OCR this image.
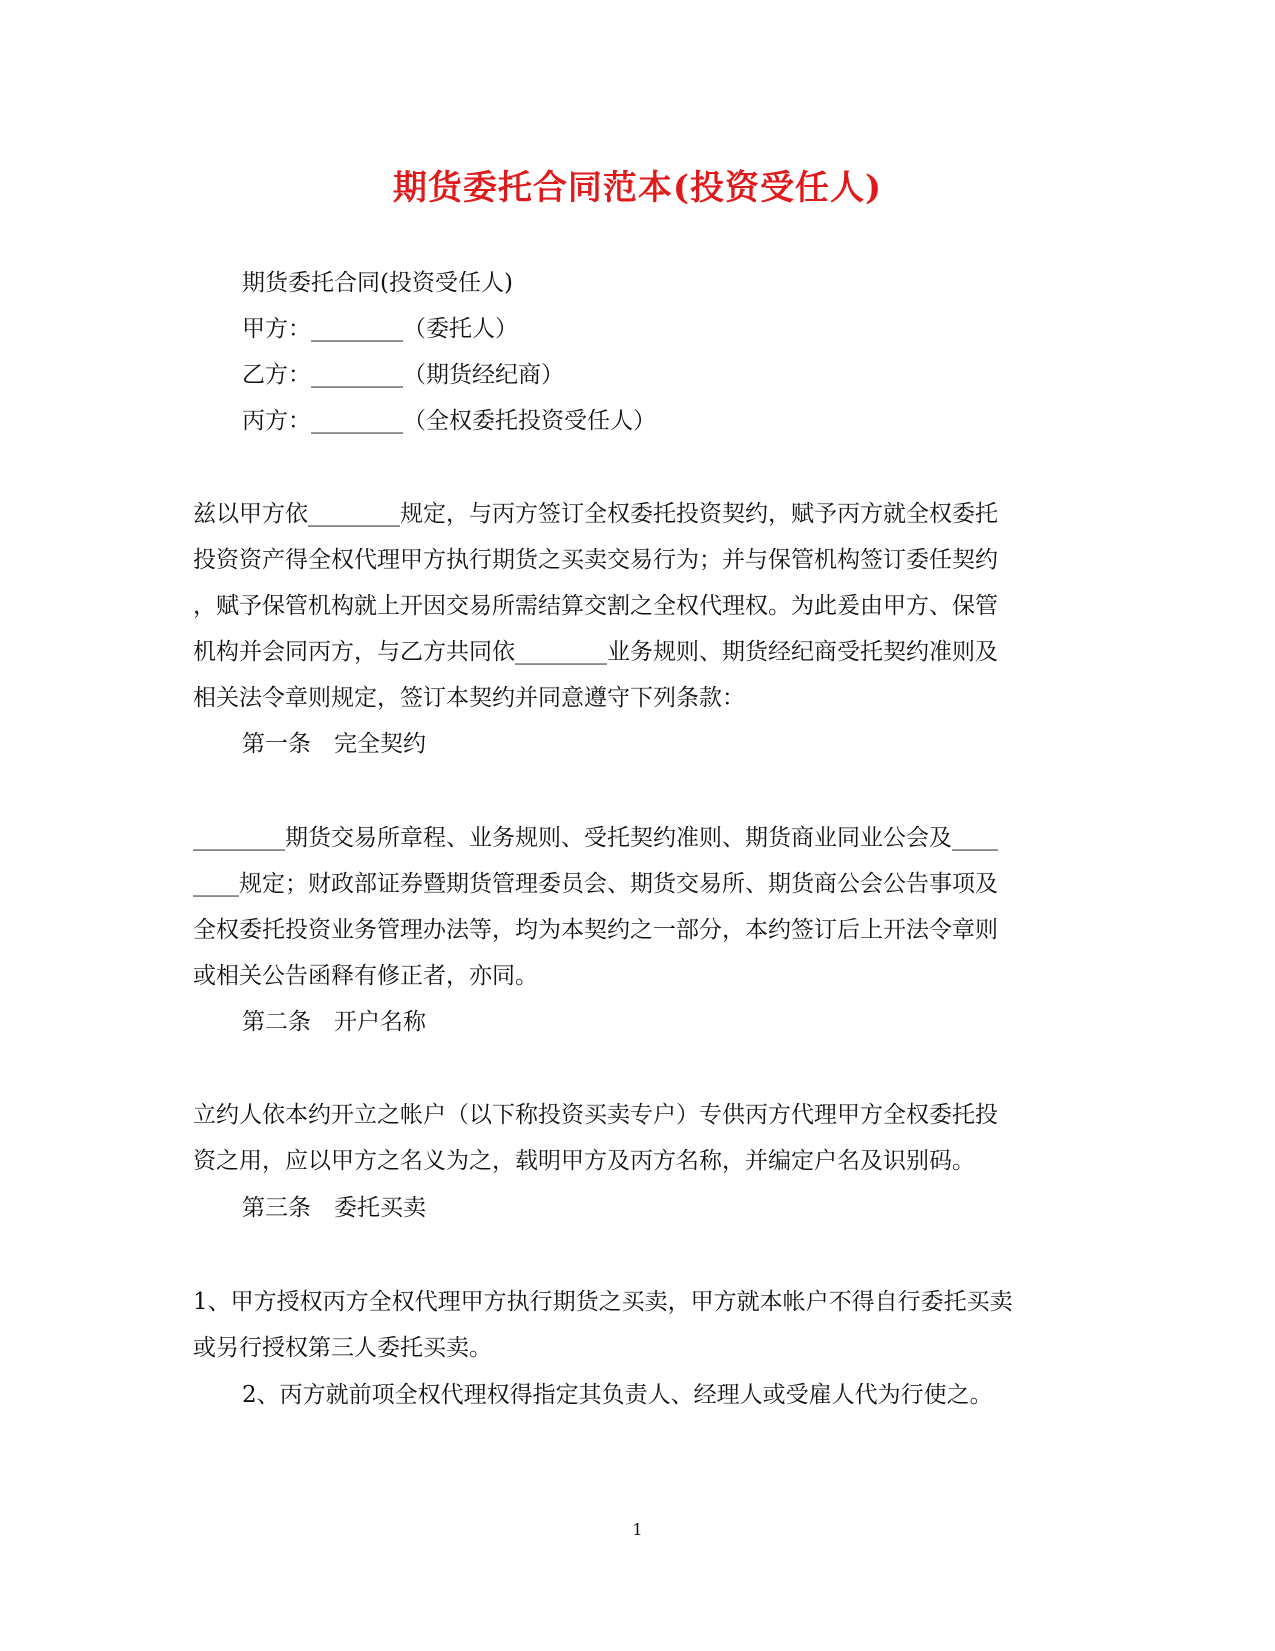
期货委托合同范本(投资受任人)
期货委托合同(投资受任人)
甲方：________（委托人）
乙方：________（期货经纪商）
丙方：________（全权委托投资受任人）
兹以甲方依________规定，与丙方签订全权委托投资契约，赋予丙方就全权委托
投资资产得全权代理甲方执行期货之买卖交易行为；并与保管机构签订委任契约
，赋予保管机构就上开因交易所需结算交割之全权代理权。为此爰由甲方、保管
机构并会同丙方，与乙方共同依________业务规则、期货经纪商受托契约准则及
相关法令章则规定，签订本契约并同意遵守下列条款：
第一条　完全契约
________期货交易所章程、业务规则、受托契约准则、期货商业同业公会及____
____规定；财政部证券暨期货管理委员会、期货交易所、期货商公会公告事项及
全权委托投资业务管理办法等，均为本契约之一部分，本约签订后上开法令章则
或相关公告函释有修正者，亦同。
第二条　开户名称
立约人依本约开立之帐户（以下称投资买卖专户）专供丙方代理甲方全权委托投
资之用，应以甲方之名义为之，载明甲方及丙方名称，并编定户名及识别码。
第三条　委托买卖
1、甲方授权丙方全权代理甲方执行期货之买卖，甲方就本帐户不得自行委托买卖
或另行授权第三人委托买卖。
2、丙方就前项全权代理权得指定其负责人、经理人或受雇人代为行使之。
1
